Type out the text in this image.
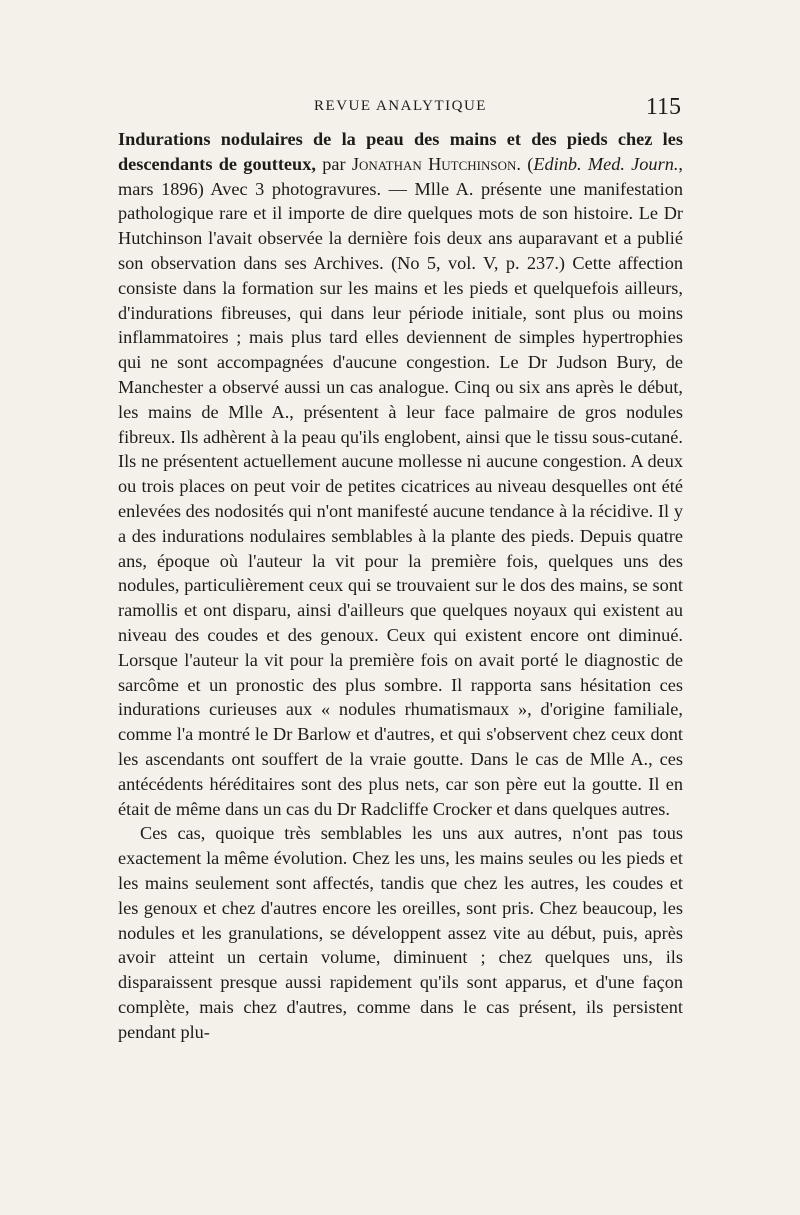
REVUE ANALYTIQUE	115

Indurations nodulaires de la peau des mains et des pieds chez les descendants de goutteux, par Jonathan Hutchinson. (Edinb. Med. Journ., mars 1896) Avec 3 photogravures. — Mlle A. présente une manifestation pathologique rare et il importe de dire quelques mots de son histoire. Le Dr Hutchinson l'avait observée la dernière fois deux ans auparavant et a publié son observation dans ses Archives. (No 5, vol. V, p. 237.) Cette affection consiste dans la formation sur les mains et les pieds et quelquefois ailleurs, d'indurations fibreuses, qui dans leur période initiale, sont plus ou moins inflammatoires ; mais plus tard elles deviennent de simples hypertrophies qui ne sont accompagnées d'aucune congestion. Le Dr Judson Bury, de Manchester a observé aussi un cas analogue. Cinq ou six ans après le début, les mains de Mlle A., présentent à leur face palmaire de gros nodules fibreux. Ils adhèrent à la peau qu'ils englobent, ainsi que le tissu sous-cutané. Ils ne présentent actuellement aucune mollesse ni aucune congestion. A deux ou trois places on peut voir de petites cicatrices au niveau desquelles ont été enlevées des nodosités qui n'ont manifesté aucune tendance à la récidive. Il y a des indurations nodulaires semblables à la plante des pieds. Depuis quatre ans, époque où l'auteur la vit pour la première fois, quelques uns des nodules, particulièrement ceux qui se trouvaient sur le dos des mains, se sont ramollis et ont disparu, ainsi d'ailleurs que quelques noyaux qui existent au niveau des coudes et des genoux. Ceux qui existent encore ont diminué. Lorsque l'auteur la vit pour la première fois on avait porté le diagnostic de sarcôme et un pronostic des plus sombre. Il rapporta sans hésitation ces indurations curieuses aux « nodules rhumatismaux », d'origine familiale, comme l'a montré le Dr Barlow et d'autres, et qui s'observent chez ceux dont les ascendants ont souffert de la vraie goutte. Dans le cas de Mlle A., ces antécédents héréditaires sont des plus nets, car son père eut la goutte. Il en était de même dans un cas du Dr Radcliffe Crocker et dans quelques autres.

Ces cas, quoique très semblables les uns aux autres, n'ont pas tous exactement la même évolution. Chez les uns, les mains seules ou les pieds et les mains seulement sont affectés, tandis que chez les autres, les coudes et les genoux et chez d'autres encore les oreilles, sont pris. Chez beaucoup, les nodules et les granulations, se développent assez vite au début, puis, après avoir atteint un certain volume, diminuent ; chez quelques uns, ils disparaissent presque aussi rapidement qu'ils sont apparus, et d'une façon complète, mais chez d'autres, comme dans le cas présent, ils persistent pendant plu-
